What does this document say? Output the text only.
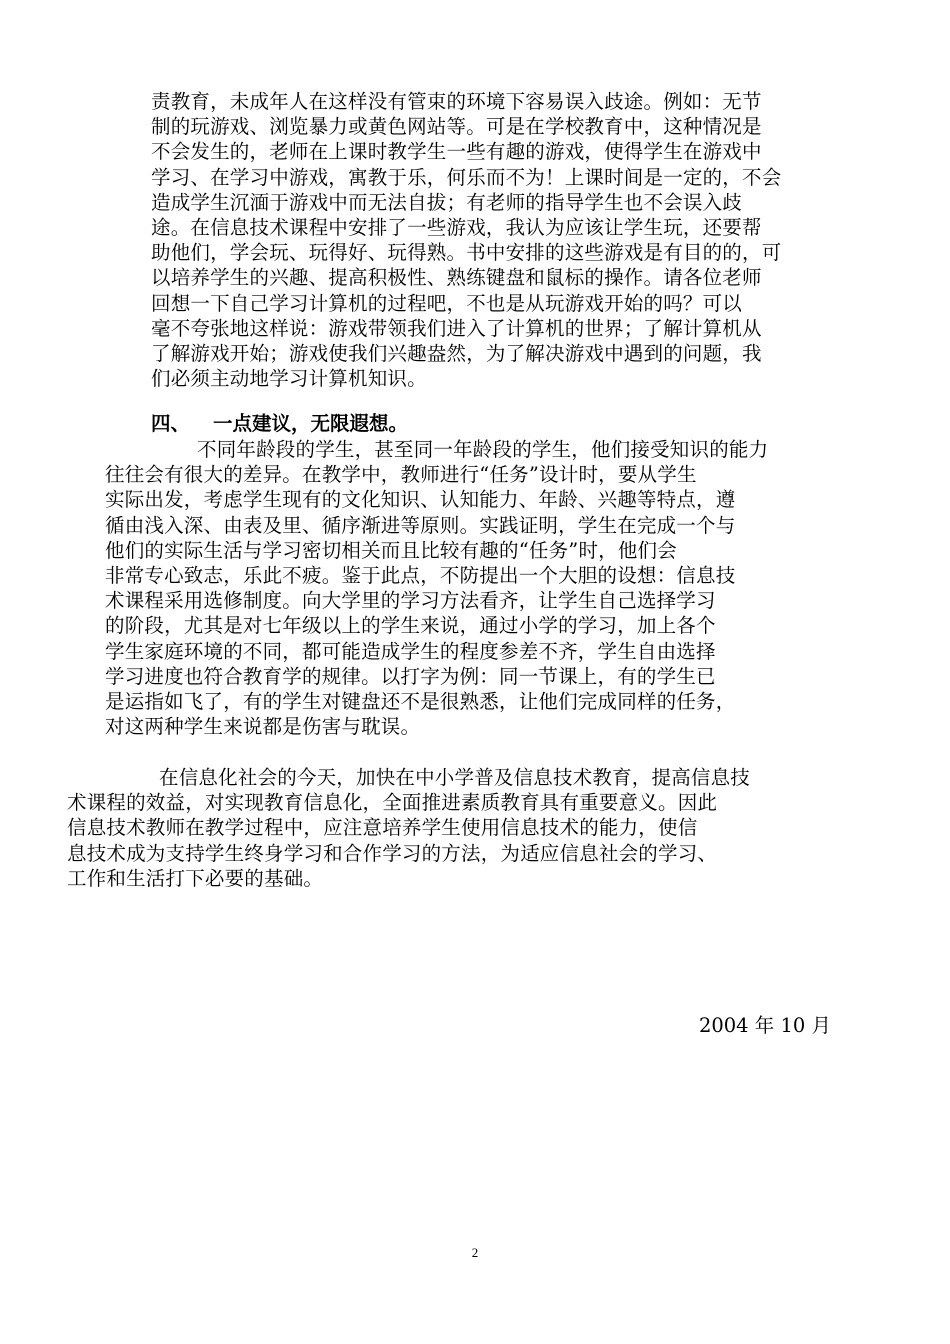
责教育，未成年人在这样没有管束的环境下容易误入歧途。例如：无节
制的玩游戏、浏览暴力或黄色网站等。可是在学校教育中，这种情况是
不会发生的，老师在上课时教学生一些有趣的游戏，使得学生在游戏中
学习、在学习中游戏，寓教于乐，何乐而不为！上课时间是一定的，不会
造成学生沉湎于游戏中而无法自拔；有老师的指导学生也不会误入歧
途。在信息技术课程中安排了一些游戏，我认为应该让学生玩，还要帮
助他们，学会玩、玩得好、玩得熟。书中安排的这些游戏是有目的的，可
以培养学生的兴趣、提高积极性、熟练键盘和鼠标的操作。请各位老师
回想一下自己学习计算机的过程吧，不也是从玩游戏开始的吗？可以
毫不夸张地这样说：游戏带领我们进入了计算机的世界；了解计算机从
了解游戏开始；游戏使我们兴趣盎然，为了解决游戏中遇到的问题，我
们必须主动地学习计算机知识。
四、 一点建议，无限遐想。
不同年龄段的学生，甚至同一年龄段的学生，他们接受知识的能力
往往会有很大的差异。在教学中，教师进行“任务”设计时，要从学生
实际出发，考虑学生现有的文化知识、认知能力、年龄、兴趣等特点，遵
循由浅入深、由表及里、循序渐进等原则。实践证明，学生在完成一个与
他们的实际生活与学习密切相关而且比较有趣的“任务”时，他们会
非常专心致志，乐此不疲。鉴于此点，不防提出一个大胆的设想：信息技
术课程采用选修制度。向大学里的学习方法看齐，让学生自己选择学习
的阶段，尤其是对七年级以上的学生来说，通过小学的学习，加上各个
学生家庭环境的不同，都可能造成学生的程度参差不齐，学生自由选择
学习进度也符合教育学的规律。以打字为例：同一节课上，有的学生已
是运指如飞了，有的学生对键盘还不是很熟悉，让他们完成同样的任务，
对这两种学生来说都是伤害与耽误。
在信息化社会的今天，加快在中小学普及信息技术教育，提高信息技
术课程的效益，对实现教育信息化，全面推进素质教育具有重要意义。因此
信息技术教师在教学过程中，应注意培养学生使用信息技术的能力，使信
息技术成为支持学生终身学习和合作学习的方法，为适应信息社会的学习、
工作和生活打下必要的基础。
2004 年 10 月
2
